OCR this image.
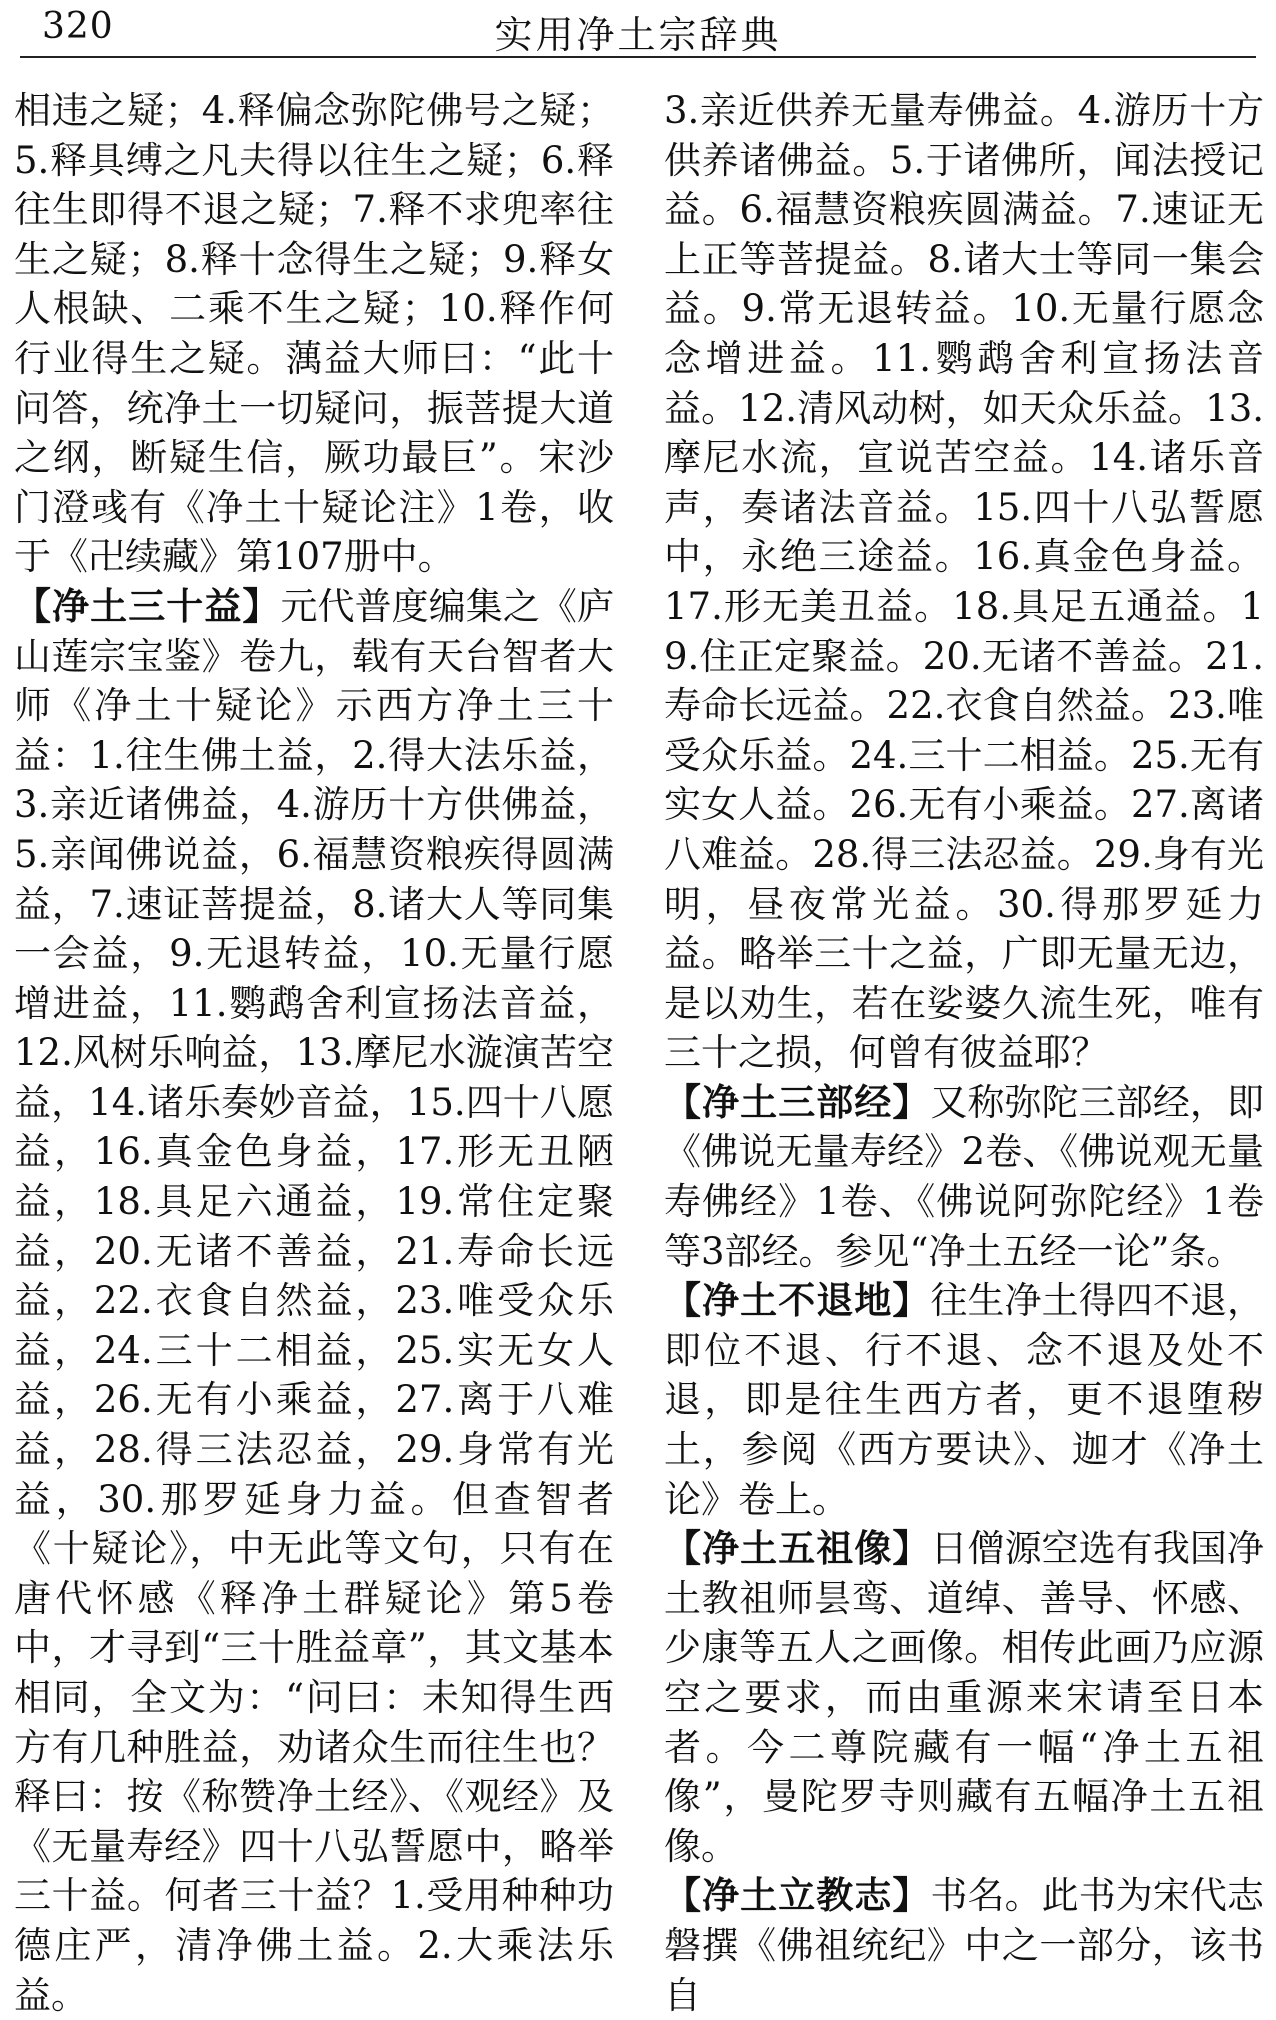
320	实用净土宗辞典

相违之疑；4.释偏念弥陀佛号之疑；5.释具缚之凡夫得以往生之疑；6.释往生即得不退之疑；7.释不求兜率往生之疑；8.释十念得生之疑；9.释女人根缺、二乘不生之疑；10.释作何行业得生之疑。蕅益大师曰：“此十问答，统净土一切疑问，振菩提大道之纲，断疑生信，厥功最巨”。宋沙门澄彧有《净土十疑论注》1卷，收于《卍续藏》第107册中。

【净土三十益】元代普度编集之《庐山莲宗宝鉴》卷九，载有天台智者大师《净土十疑论》示西方净土三十益：1.往生佛土益，2.得大法乐益，3.亲近诸佛益，4.游历十方供佛益，5.亲闻佛说益，6.福慧资粮疾得圆满益，7.速证菩提益，8.诸大人等同集一会益，9.无退转益，10.无量行愿增进益，11.鹦鹉舍利宣扬法音益，12.风树乐响益，13.摩尼水漩演苦空益，14.诸乐奏妙音益，15.四十八愿益，16.真金色身益，17.形无丑陋益，18.具足六通益，19.常住定聚益，20.无诸不善益，21.寿命长远益，22.衣食自然益，23.唯受众乐益，24.三十二相益，25.实无女人益，26.无有小乘益，27.离于八难益，28.得三法忍益，29.身常有光益，30.那罗延身力益。但查智者《十疑论》，中无此等文句，只有在唐代怀感《释净土群疑论》第5卷中，才寻到“三十胜益章”，其文基本相同，全文为：“问曰：未知得生西方有几种胜益，劝诸众生而往生也？释曰：按《称赞净土经》、《观经》及《无量寿经》四十八弘誓愿中，略举三十益。何者三十益？1.受用种种功德庄严，清净佛土益。2.大乘法乐益。

3.亲近供养无量寿佛益。4.游历十方供养诸佛益。5.于诸佛所，闻法授记益。6.福慧资粮疾圆满益。7.速证无上正等菩提益。8.诸大士等同一集会益。9.常无退转益。10.无量行愿念念增进益。11.鹦鹉舍利宣扬法音益。12.清风动树，如天众乐益。13.摩尼水流，宣说苦空益。14.诸乐音声，奏诸法音益。15.四十八弘誓愿中，永绝三途益。16.真金色身益。17.形无美丑益。18.具足五通益。19.住正定聚益。20.无诸不善益。21.寿命长远益。22.衣食自然益。23.唯受众乐益。24.三十二相益。25.无有实女人益。26.无有小乘益。27.离诸八难益。28.得三法忍益。29.身有光明，昼夜常光益。30.得那罗延力益。略举三十之益，广即无量无边，是以劝生，若在娑婆久流生死，唯有三十之损，何曾有彼益耶？

【净土三部经】又称弥陀三部经，即《佛说无量寿经》2卷、《佛说观无量寿佛经》1卷、《佛说阿弥陀经》1卷等3部经。参见“净土五经一论”条。

【净土不退地】往生净土得四不退，即位不退、行不退、念不退及处不退，即是往生西方者，更不退堕秽土，参阅《西方要诀》、迦才《净土论》卷上。

【净土五祖像】日僧源空选有我国净土教祖师昙鸾、道绰、善导、怀感、少康等五人之画像。相传此画乃应源空之要求，而由重源来宋请至日本者。今二尊院藏有一幅“净土五祖像”，曼陀罗寺则藏有五幅净土五祖像。

【净土立教志】书名。此书为宋代志磐撰《佛祖统纪》中之一部分，该书自
